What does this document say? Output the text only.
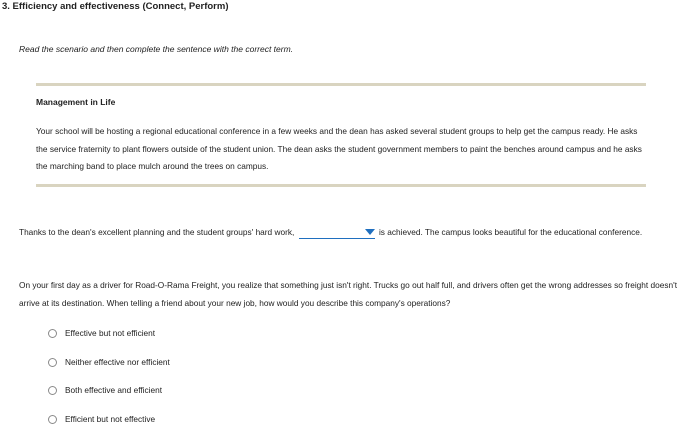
3. Efficiency and effectiveness (Connect, Perform)
Read the scenario and then complete the sentence with the correct term.
Management in Life
Your school will be hosting a regional educational conference in a few weeks and the dean has asked several student groups to help get the campus ready. He asks the service fraternity to plant flowers outside of the student union. The dean asks the student government members to paint the benches around campus and he asks the marching band to place mulch around the trees on campus.
Thanks to the dean's excellent planning and the student groups' hard work,	is achieved. The campus looks beautiful for the educational conference.
On your first day as a driver for Road-O-Rama Freight, you realize that something just isn't right. Trucks go out half full, and drivers often get the wrong addresses so freight doesn't arrive at its destination. When telling a friend about your new job, how would you describe this company's operations?
Effective but not efficient
Neither effective nor efficient
Both effective and efficient
Efficient but not effective
